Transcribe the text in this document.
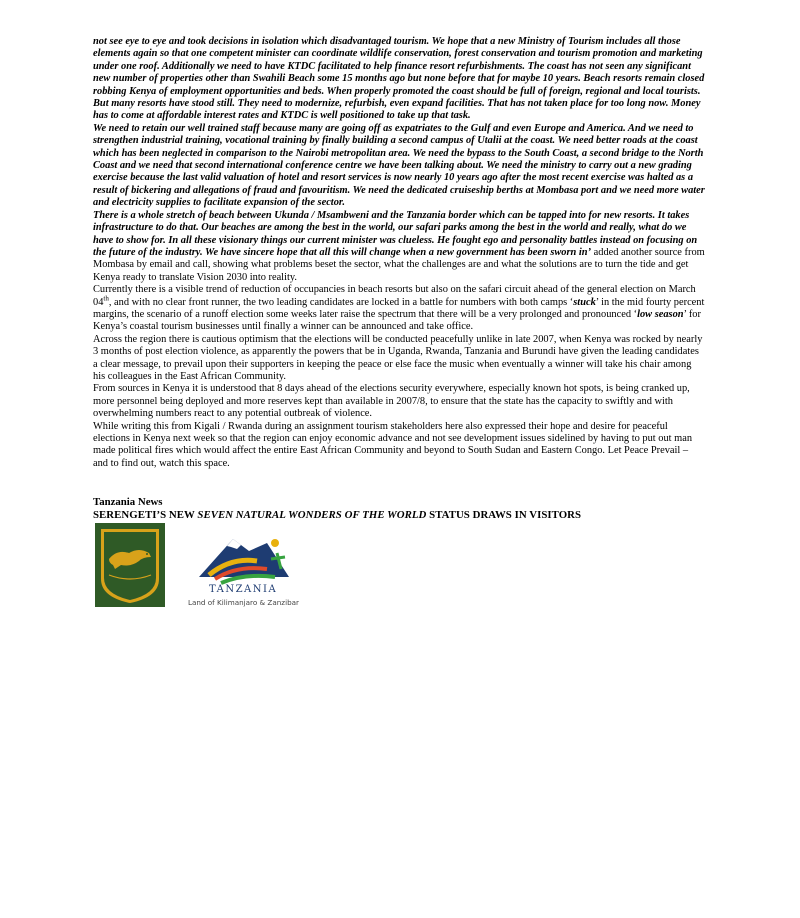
not see eye to eye and took decisions in isolation which disadvantaged tourism. We hope that a new Ministry of Tourism includes all those elements again so that one competent minister can coordinate wildlife conservation, forest conservation and tourism promotion and marketing under one roof. Additionally we need to have KTDC facilitated to help finance resort refurbishments. The coast has not seen any significant new number of properties other than Swahili Beach some 15 months ago but none before that for maybe 10 years. Beach resorts remain closed robbing Kenya of employment opportunities and beds. When properly promoted the coast should be full of foreign, regional and local tourists. But many resorts have stood still. They need to modernize, refurbish, even expand facilities. That has not taken place for too long now. Money has to come at affordable interest rates and KTDC is well positioned to take up that task.

We need to retain our well trained staff because many are going off as expatriates to the Gulf and even Europe and America. And we need to strengthen industrial training, vocational training by finally building a second campus of Utalii at the coast. We need better roads at the coast which has been neglected in comparison to the Nairobi metropolitan area. We need the bypass to the South Coast, a second bridge to the North Coast and we need that second international conference centre we have been talking about. We need the ministry to carry out a new grading exercise because the last valid valuation of hotel and resort services is now nearly 10 years ago after the most recent exercise was halted as a result of bickering and allegations of fraud and favouritism. We need the dedicated cruiseship berths at Mombasa port and we need more water and electricity supplies to facilitate expansion of the sector.

There is a whole stretch of beach between Ukunda / Msambweni and the Tanzania border which can be tapped into for new resorts. It takes infrastructure to do that. Our beaches are among the best in the world, our safari parks among the best in the world and really, what do we have to show for. In all these visionary things our current minister was clueless. He fought ego and personality battles instead on focusing on the future of the industry. We have sincere hope that all this will change when a new government has been sworn in’ added another source from Mombasa by email and call, showing what problems beset the sector, what the challenges are and what the solutions are to turn the tide and get Kenya ready to translate Vision 2030 into reality.

Currently there is a visible trend of reduction of occupancies in beach resorts but also on the safari circuit ahead of the general election on March 04th, and with no clear front runner, the two leading candidates are locked in a battle for numbers with both camps ‘stuck’ in the mid fourty percent margins, the scenario of a runoff election some weeks later raise the spectrum that there will be a very prolonged and pronounced ‘low season’ for Kenya’s coastal tourism businesses until finally a winner can be announced and take office.

Across the region there is cautious optimism that the elections will be conducted peacefully unlike in late 2007, when Kenya was rocked by nearly 3 months of post election violence, as apparently the powers that be in Uganda, Rwanda, Tanzania and Burundi have given the leading candidates a clear message, to prevail upon their supporters in keeping the peace or else face the music when eventually a winner will take his chair among his colleagues in the East African Community.

From sources in Kenya it is understood that 8 days ahead of the elections security everywhere, especially known hot spots, is being cranked up, more personnel being deployed and more reserves kept than available in 2007/8, to ensure that the state has the capacity to swiftly and with overwhelming numbers react to any potential outbreak of violence.

While writing this from Kigali / Rwanda during an assignment tourism stakeholders here also expressed their hope and desire for peaceful elections in Kenya next week so that the region can enjoy economic advance and not see development issues sidelined by having to put out man made political fires which would affect the entire East African Community and beyond to South Sudan and Eastern Congo. Let Peace Prevail – and to find out, watch this space.

Tanzania News

SERENGETI’S NEW SEVEN NATURAL WONDERS OF THE WORLD STATUS DRAWS IN VISITORS

TANZANIA
Land of Kilimanjaro & Zanzibar
